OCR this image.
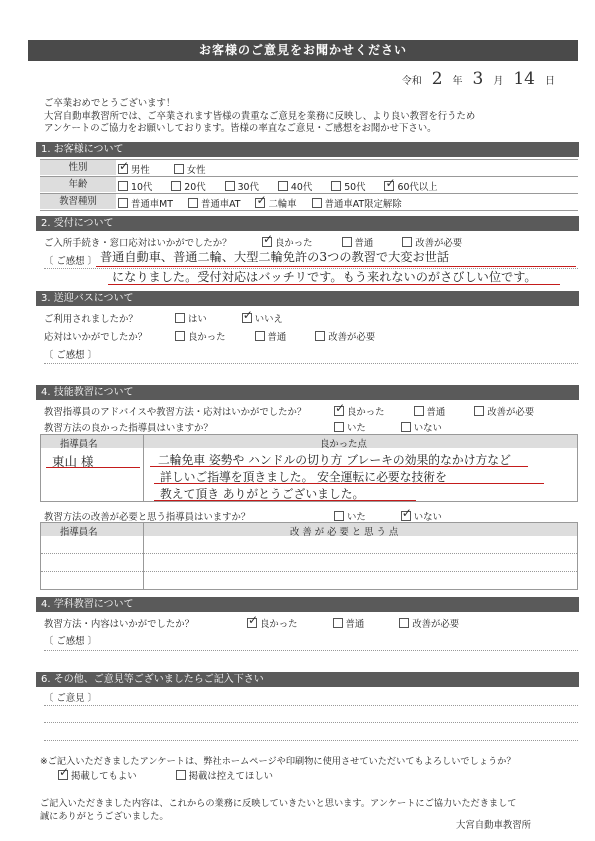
お客様のご意見をお聞かせください
令和 2 年 3 月 14 日
ご卒業おめでとうございます！
大宮自動車教習所では、ご卒業されます皆様の貴重なご意見を業務に反映し、より良い教習を行うため
アンケートのご協力をお願いしております。皆様の率直なご意見・ご感想をお聞かせ下さい。
1. お客様について
性別 ✓	男性	女性
年齢	10代	20代	30代	40代	50代 ✓	60代以上
教習種別	普通車MT	普通車AT ✓	二輪車	普通車AT限定解除
2. 受付について
ご入所手続き・窓口応対はいかがでしたか？ ✓	良かった	普通	改善が必要
〔 ご感想 〕 普通自動車、普通二輪、大型二輪免許の3つの教習で大変お世話
になりました。受付対応はバッチリです。もう来れないのがさびしい位です。
3. 送迎バスについて
ご利用されましたか？	はい ✓	いいえ
応対はいかがでしたか？	良かった	普通	改善が必要
〔 ご感想 〕
4. 技能教習について
教習指導員のアドバイスや教習方法・応対はいかがでしたか？ ✓	良かった	普通	改善が必要
教習方法の良かった指導員はいますか？	いた	いない
指導員名	良かった点
東山 様	二輪免車 姿勢や ハンドルの切り方 ブレーキの効果的なかけ方など
詳しいご指導を頂きました。 安全運転に必要な技術を
教えて頂き ありがとうございました。
教習方法の改善が必要と思う指導員はいますか？	いた ✓	いない
指導員名	改 善 が 必 要 と 思 う 点
4. 学科教習について
教習方法・内容はいかがでしたか？ ✓	良かった	普通	改善が必要
〔 ご感想 〕
6. その他、ご意見等ございましたらご記入下さい
〔 ご意見 〕
※ご記入いただきましたアンケートは、弊社ホームページや印刷物に使用させていただいてもよろしいでしょうか？
✓掲載してもよい	掲載は控えてほしい
ご記入いただきました内容は、これからの業務に反映していきたいと思います。アンケートにご協力いただきまして
誠にありがとうございました。
大宮自動車教習所
